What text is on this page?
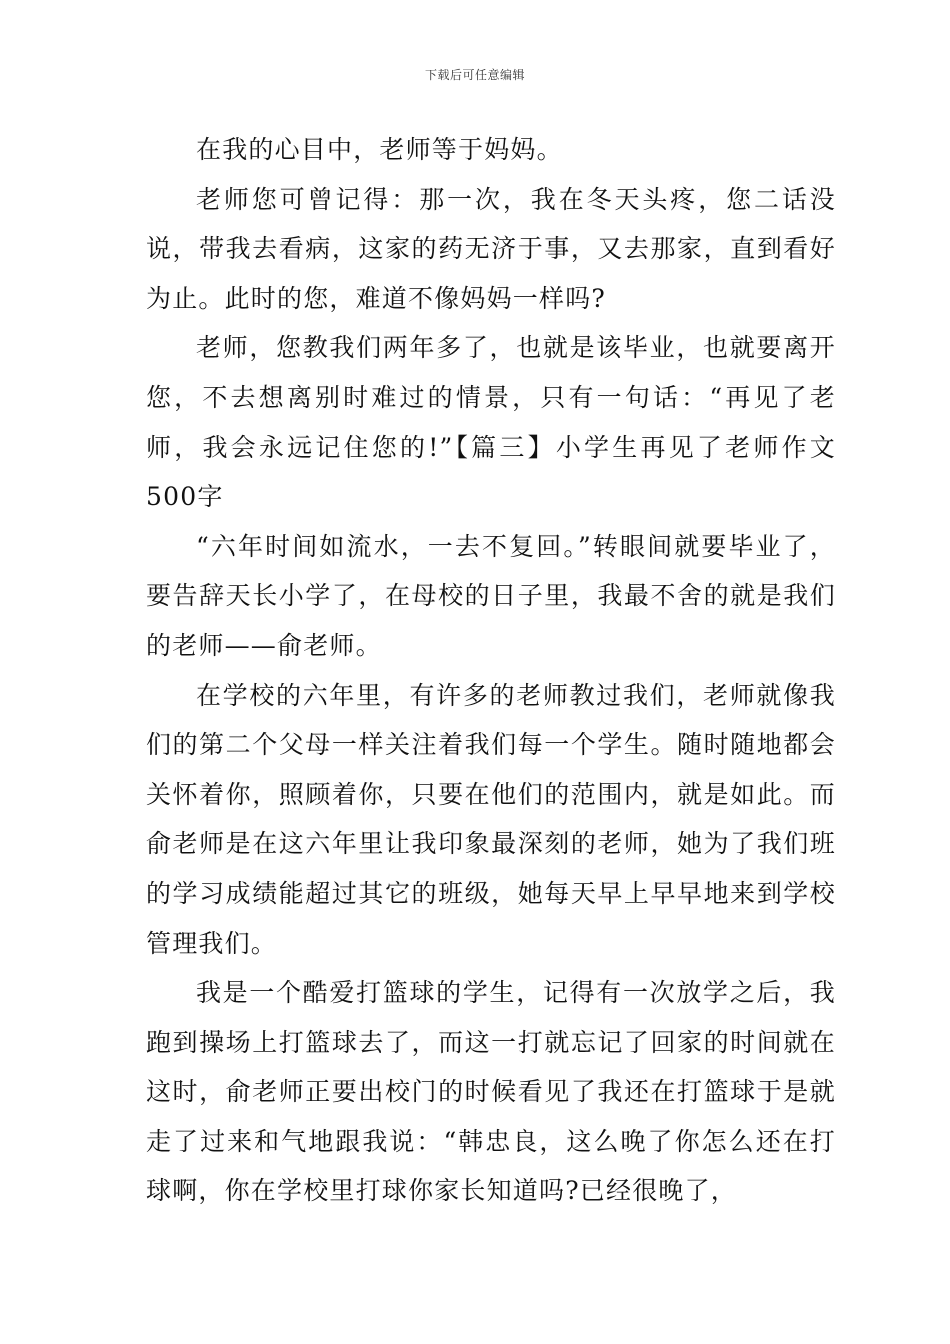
下载后可任意编辑

在我的心目中，老师等于妈妈。

老师您可曾记得：那一次，我在冬天头疼，您二话没说，带我去看病，这家的药无济于事，又去那家，直到看好为止。此时的您，难道不像妈妈一样吗?

老师，您教我们两年多了，也就是该毕业，也就要离开您，不去想离别时难过的情景，只有一句话：“再见了老师，我会永远记住您的!”【篇三】小学生再见了老师作文500字

“六年时间如流水，一去不复回。”转眼间就要毕业了，要告辞天长小学了，在母校的日子里，我最不舍的就是我们的老师——俞老师。

在学校的六年里，有许多的老师教过我们，老师就像我们的第二个父母一样关注着我们每一个学生。随时随地都会关怀着你，照顾着你，只要在他们的范围内，就是如此。而俞老师是在这六年里让我印象最深刻的老师，她为了我们班的学习成绩能超过其它的班级，她每天早上早早地来到学校管理我们。

我是一个酷爱打篮球的学生，记得有一次放学之后，我跑到操场上打篮球去了，而这一打就忘记了回家的时间就在这时，俞老师正要出校门的时候看见了我还在打篮球于是就走了过来和气地跟我说：“韩忠良，这么晚了你怎么还在打球啊，你在学校里打球你家长知道吗?已经很晚了，
